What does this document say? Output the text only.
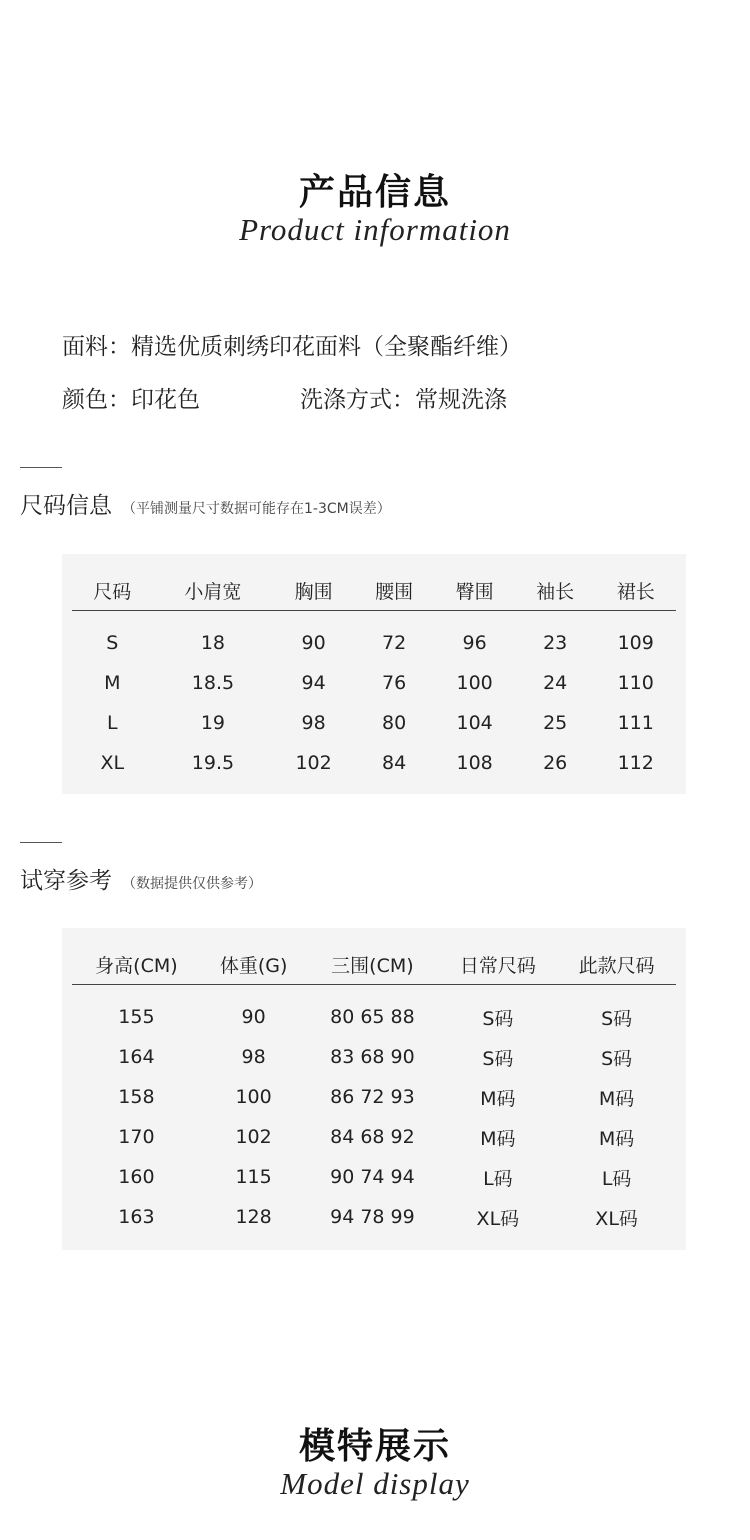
产品信息
Product information
面料：精选优质刺绣印花面料（全聚酯纤维）
颜色：印花色	洗涤方式：常规洗涤
尺码信息 （平铺测量尺寸数据可能存在1-3CM误差）
尺码	小肩宽	胸围	腰围	臀围	袖长	裙长
S	18	90	72	96	23	109
M	18.5	94	76	100	24	110
L	19	98	80	104	25	111
XL	19.5	102	84	108	26	112
试穿参考 （数据提供仅供参考）
身高(CM)	体重(G)	三围(CM)	日常尺码	此款尺码
155	90	80 65 88	S码	S码
164	98	83 68 90	S码	S码
158	100	86 72 93	M码	M码
170	102	84 68 92	M码	M码
160	115	90 74 94	L码	L码
163	128	94 78 99	XL码	XL码
模特展示
Model display
